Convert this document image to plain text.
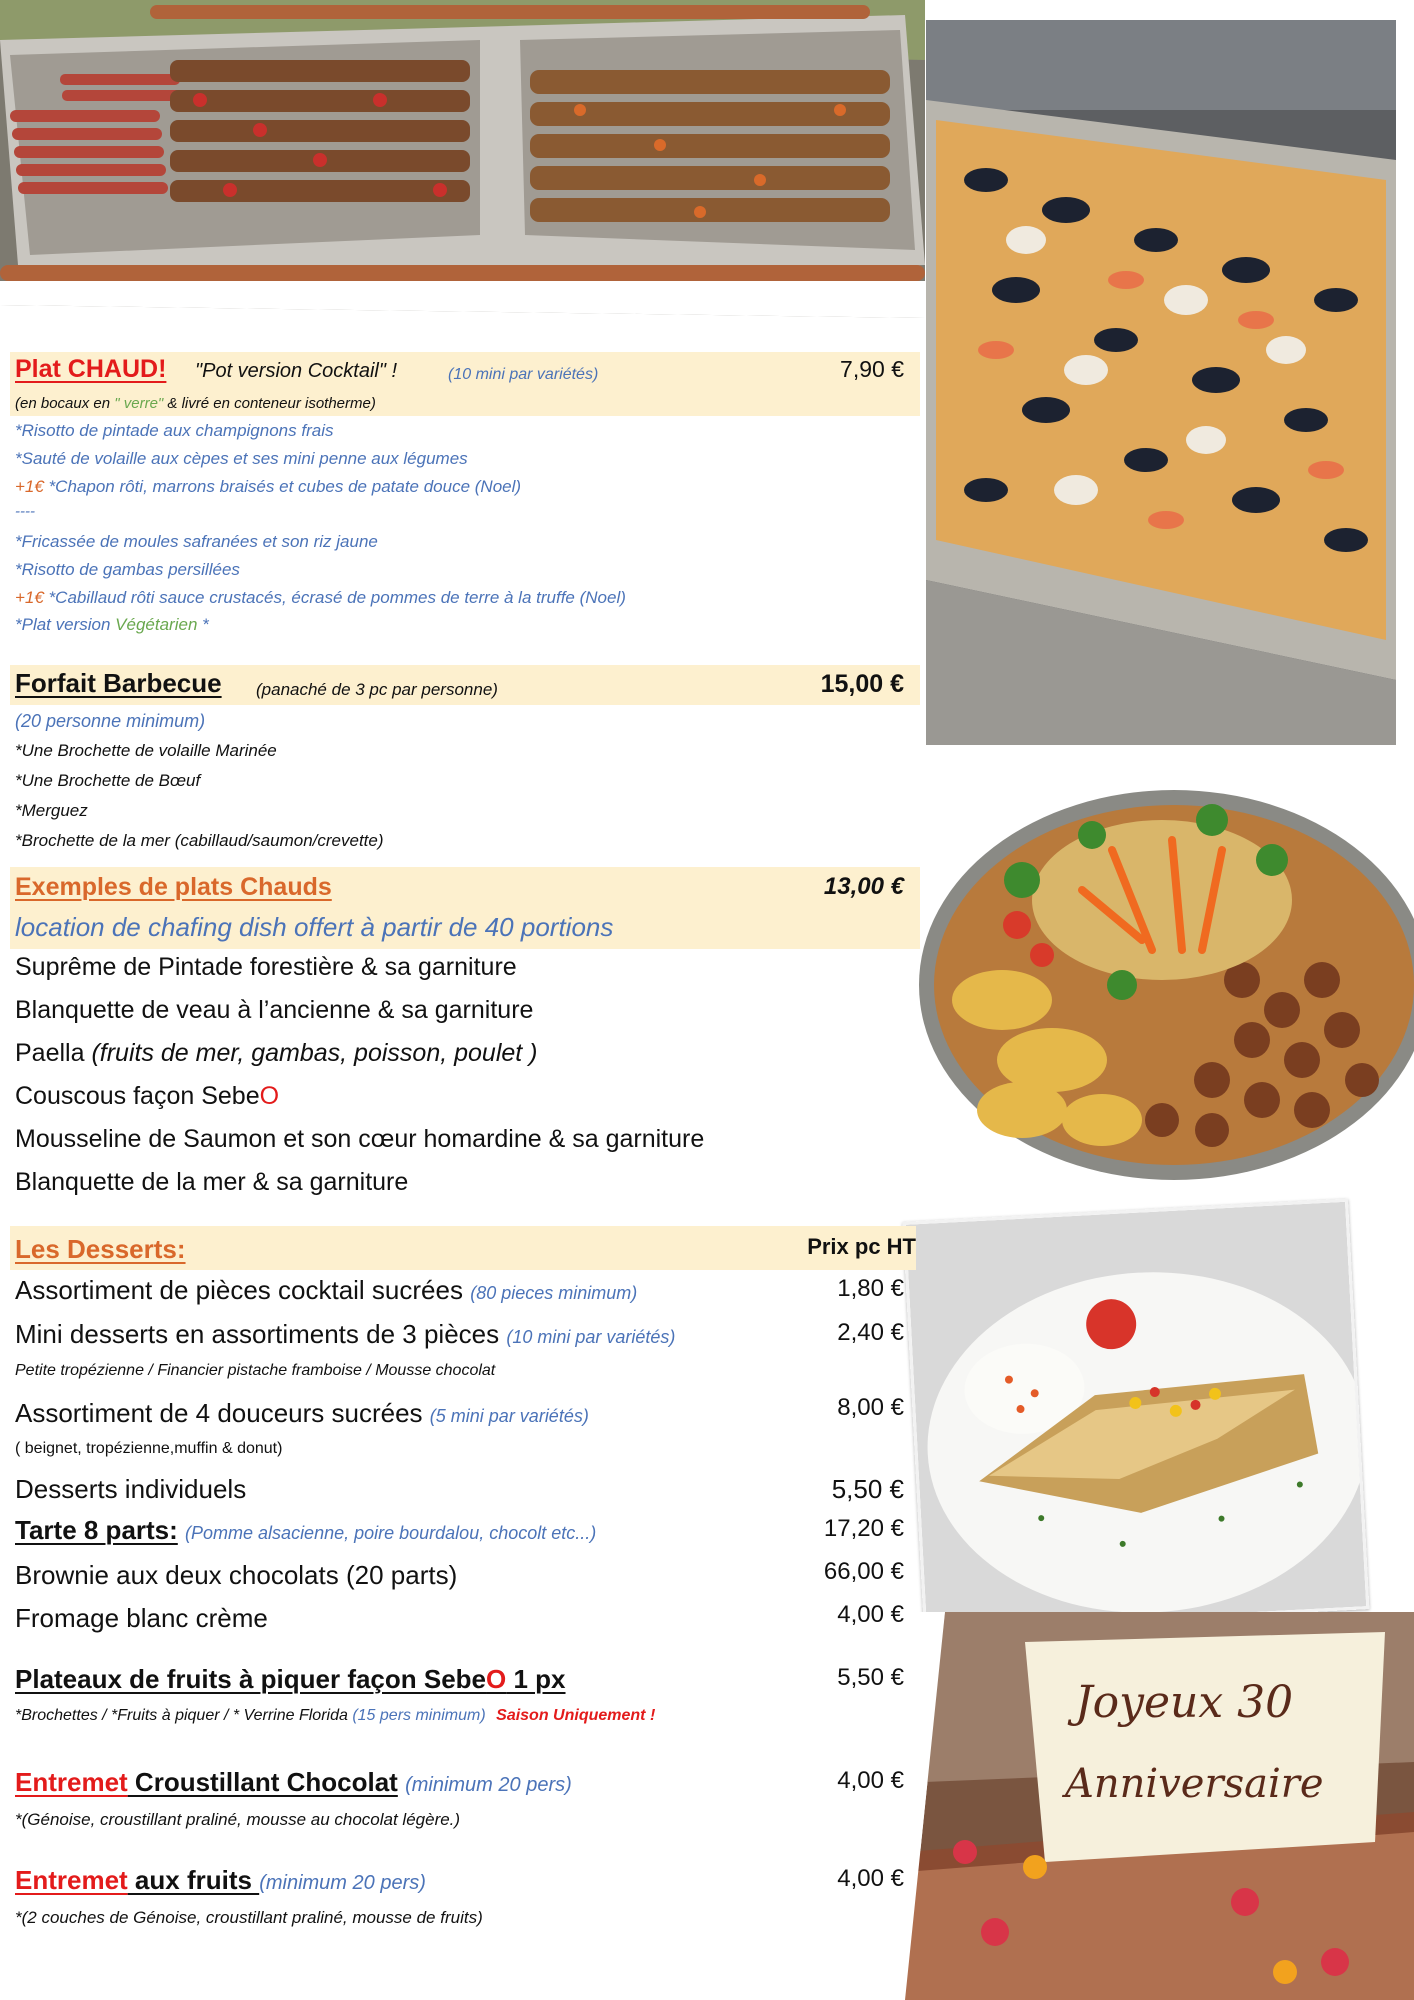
Joyeux 30
Anniversaire
Plat CHAUD! "Pot version Cocktail" !	(10 mini par variétés)	7,90 €
(en bocaux en " verre" & livré en conteneur isotherme)
*Risotto de pintade aux champignons frais
*Sauté de volaille aux cèpes et ses mini penne aux légumes
+1€ *Chapon rôti, marrons braisés et cubes de patate douce (Noel)
----
*Fricassée de moules safranées et son riz jaune
*Risotto de gambas persillées
+1€ *Cabillaud rôti sauce crustacés, écrasé de pommes de terre à la truffe (Noel)
*Plat version Végétarien *
Forfait Barbecue (panaché de 3 pc par personne)	15,00 €
(20 personne minimum)
*Une Brochette de volaille Marinée
*Une Brochette de Bœuf
*Merguez
*Brochette de la mer (cabillaud/saumon/crevette)
Exemples de plats Chauds	13,00 €
location de chafing dish offert à partir de 40 portions
Suprême de Pintade forestière & sa garniture
Blanquette de veau à l’ancienne & sa garniture
Paella (fruits de mer, gambas, poisson, poulet )
Couscous façon SebeO
Mousseline de Saumon et son cœur homardine & sa garniture
Blanquette de la mer & sa garniture
Les Desserts:	Prix pc HT
Assortiment de pièces cocktail sucrées (80 pieces minimum)	1,80 €
Mini desserts en assortiments de 3 pièces (10 mini par variétés)	2,40 €
Petite tropézienne / Financier pistache framboise / Mousse chocolat
Assortiment de 4 douceurs sucrées (5 mini par variétés)	8,00 €
( beignet, tropézienne,muffin & donut)
Desserts individuels	5,50 €
Tarte 8 parts: (Pomme alsacienne, poire bourdalou, chocolt etc...)	17,20 €
Brownie aux deux chocolats (20 parts)	66,00 €
Fromage blanc crème	4,00 €
Plateaux de fruits à piquer façon SebeO 1 px	5,50 €
*Brochettes / *Fruits à piquer / * Verrine Florida (15 pers minimum) Saison Uniquement !
Entremet Croustillant Chocolat (minimum 20 pers)	4,00 €
*(Génoise, croustillant praliné, mousse au chocolat légère.)
Entremet aux fruits (minimum 20 pers)	4,00 €
*(2 couches de Génoise, croustillant praliné, mousse de fruits)
